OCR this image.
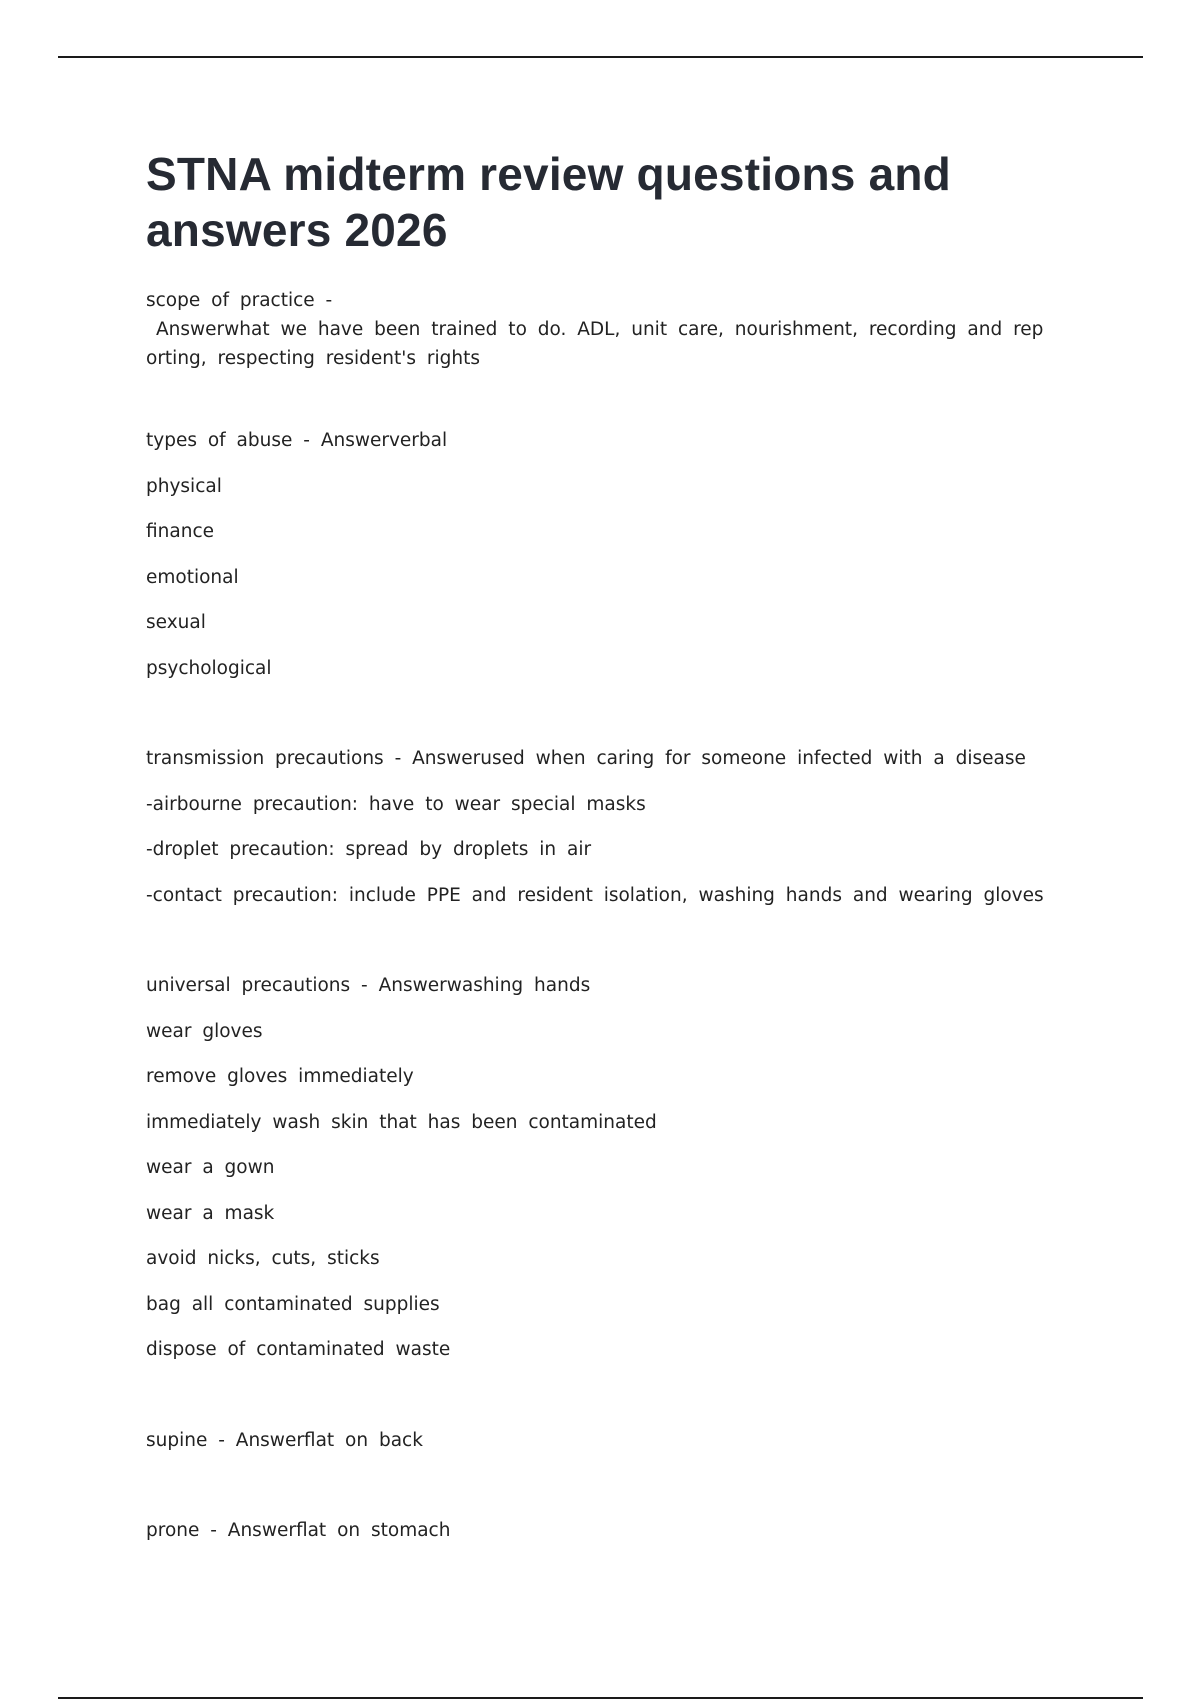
STNA midterm review questions and answers 2026

scope of practice -

Answerwhat we have been trained to do. ADL, unit care, nourishment, recording and rep

orting, respecting resident's rights

types of abuse - Answerverbal

physical

finance

emotional

sexual

psychological

transmission precautions - Answerused when caring for someone infected with a disease

-airbourne precaution: have to wear special masks

-droplet precaution: spread by droplets in air

-contact precaution: include PPE and resident isolation, washing hands and wearing gloves

universal precautions - Answerwashing hands

wear gloves

remove gloves immediately

immediately wash skin that has been contaminated

wear a gown

wear a mask

avoid nicks, cuts, sticks

bag all contaminated supplies

dispose of contaminated waste

supine - Answerflat on back

prone - Answerflat on stomach
